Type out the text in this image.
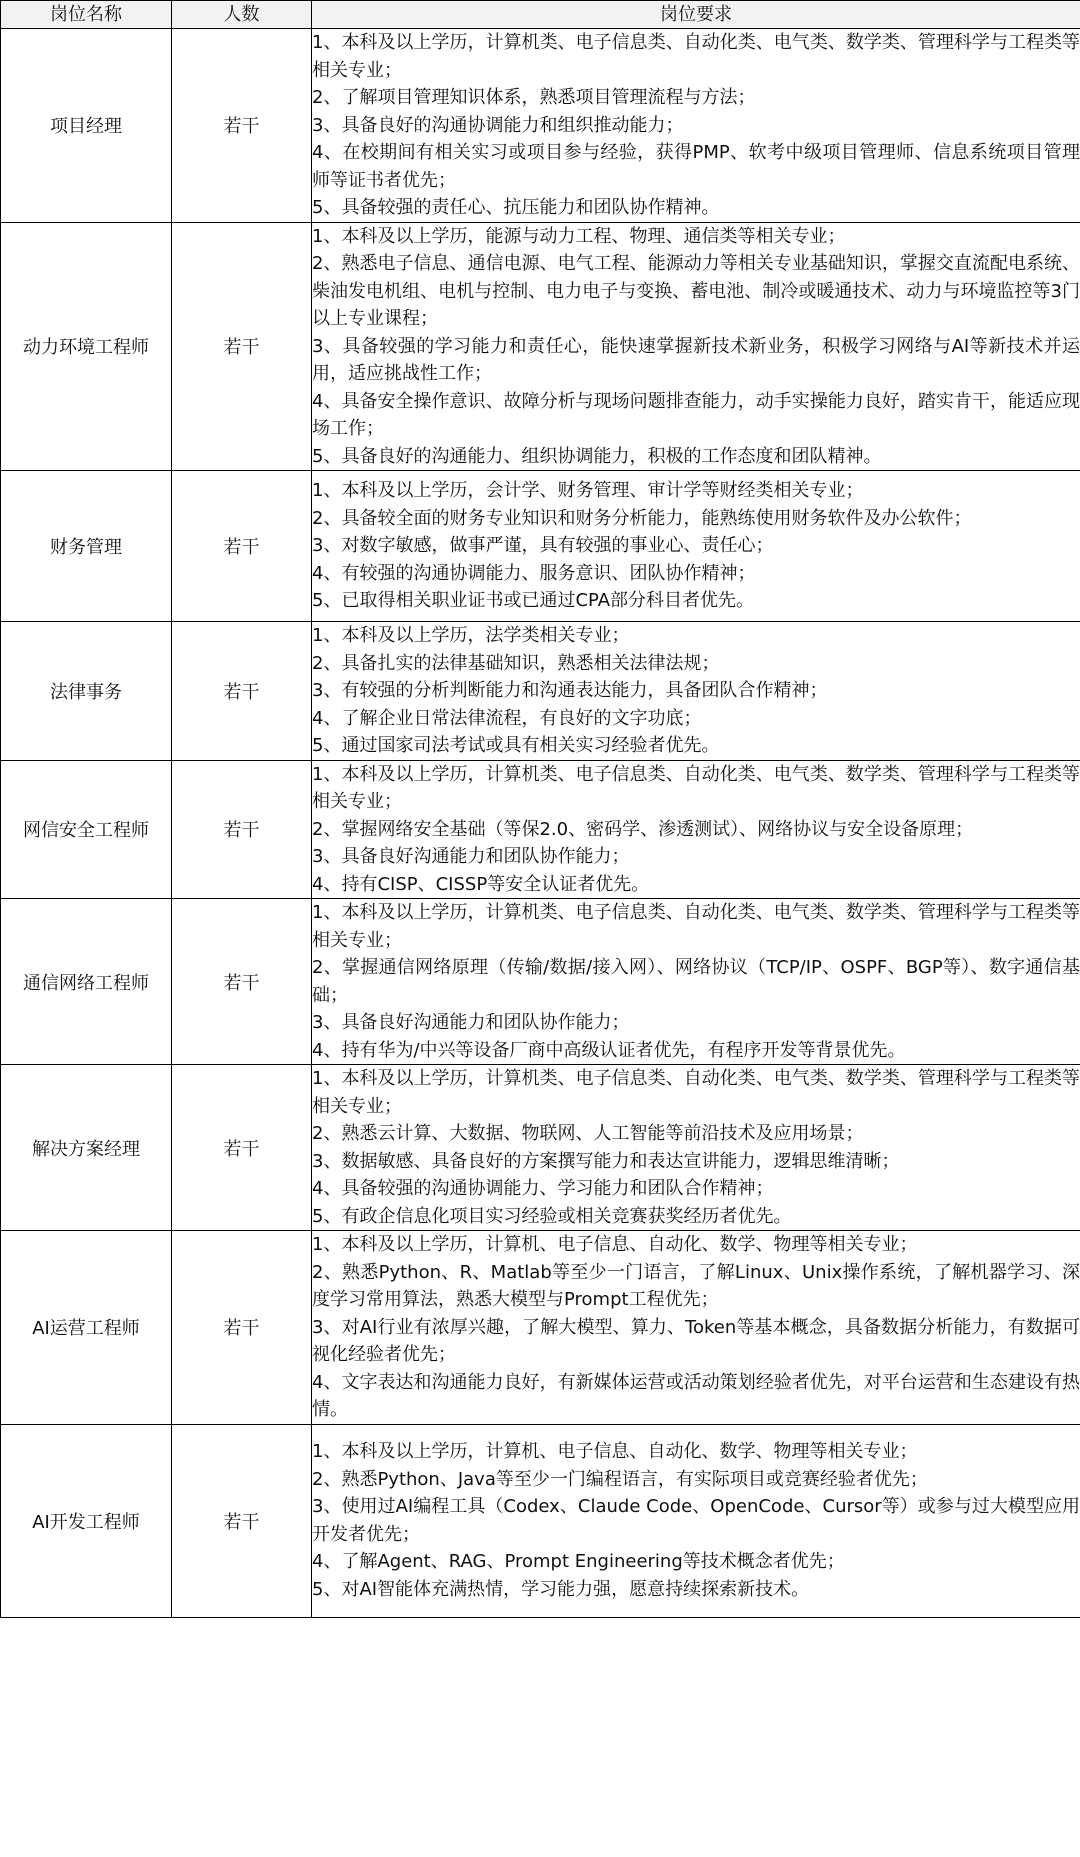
岗位名称	人数	岗位要求
项目经理	若干	1、本科及以上学历，计算机类、电子信息类、自动化类、电气类、数学类、管理科学与工程类等相关专业；
2、了解项目管理知识体系，熟悉项目管理流程与方法；
3、具备良好的沟通协调能力和组织推动能力；
4、在校期间有相关实习或项目参与经验，获得PMP、软考中级项目管理师、信息系统项目管理师等证书者优先；
5、具备较强的责任心、抗压能力和团队协作精神。

动力环境工程师	若干	1、本科及以上学历，能源与动力工程、物理、通信类等相关专业；
2、熟悉电子信息、通信电源、电气工程、能源动力等相关专业基础知识，掌握交直流配电系统、柴油发电机组、电机与控制、电力电子与变换、蓄电池、制冷或暖通技术、动力与环境监控等3门以上专业课程；
3、具备较强的学习能力和责任心，能快速掌握新技术新业务，积极学习网络与AI等新技术并运用，适应挑战性工作；
4、具备安全操作意识、故障分析与现场问题排查能力，动手实操能力良好，踏实肯干，能适应现场工作；
5、具备良好的沟通能力、组织协调能力，积极的工作态度和团队精神。

财务管理	若干	1、本科及以上学历，会计学、财务管理、审计学等财经类相关专业；
2、具备较全面的财务专业知识和财务分析能力，能熟练使用财务软件及办公软件；
3、对数字敏感，做事严谨，具有较强的事业心、责任心；
4、有较强的沟通协调能力、服务意识、团队协作精神；
5、已取得相关职业证书或已通过CPA部分科目者优先。

法律事务	若干	1、本科及以上学历，法学类相关专业；
2、具备扎实的法律基础知识，熟悉相关法律法规；
3、有较强的分析判断能力和沟通表达能力，具备团队合作精神；
4、了解企业日常法律流程，有良好的文字功底；
5、通过国家司法考试或具有相关实习经验者优先。

网信安全工程师	若干	1、本科及以上学历，计算机类、电子信息类、自动化类、电气类、数学类、管理科学与工程类等相关专业；
2、掌握网络安全基础（等保2.0、密码学、渗透测试）、网络协议与安全设备原理；
3、具备良好沟通能力和团队协作能力；
4、持有CISP、CISSP等安全认证者优先。

通信网络工程师	若干	1、本科及以上学历，计算机类、电子信息类、自动化类、电气类、数学类、管理科学与工程类等相关专业；
2、掌握通信网络原理（传输/数据/接入网）、网络协议（TCP/IP、OSPF、BGP等）、数字通信基础；
3、具备良好沟通能力和团队协作能力；
4、持有华为/中兴等设备厂商中高级认证者优先，有程序开发等背景优先。

解决方案经理	若干	1、本科及以上学历，计算机类、电子信息类、自动化类、电气类、数学类、管理科学与工程类等相关专业；
2、熟悉云计算、大数据、物联网、人工智能等前沿技术及应用场景；
3、数据敏感、具备良好的方案撰写能力和表达宣讲能力，逻辑思维清晰；
4、具备较强的沟通协调能力、学习能力和团队合作精神；
5、有政企信息化项目实习经验或相关竞赛获奖经历者优先。

AI运营工程师	若干	1、本科及以上学历，计算机、电子信息、自动化、数学、物理等相关专业；
2、熟悉Python、R、Matlab等至少一门语言，了解Linux、Unix操作系统，了解机器学习、深度学习常用算法，熟悉大模型与Prompt工程优先；
3、对AI行业有浓厚兴趣，了解大模型、算力、Token等基本概念，具备数据分析能力，有数据可视化经验者优先；
4、文字表达和沟通能力良好，有新媒体运营或活动策划经验者优先，对平台运营和生态建设有热情。

AI开发工程师	若干	1、本科及以上学历，计算机、电子信息、自动化、数学、物理等相关专业；
2、熟悉Python、Java等至少一门编程语言，有实际项目或竞赛经验者优先；
3、使用过AI编程工具（Codex、Claude Code、OpenCode、Cursor等）或参与过大模型应用开发者优先；
4、了解Agent、RAG、Prompt Engineering等技术概念者优先；
5、对AI智能体充满热情，学习能力强，愿意持续探索新技术。
